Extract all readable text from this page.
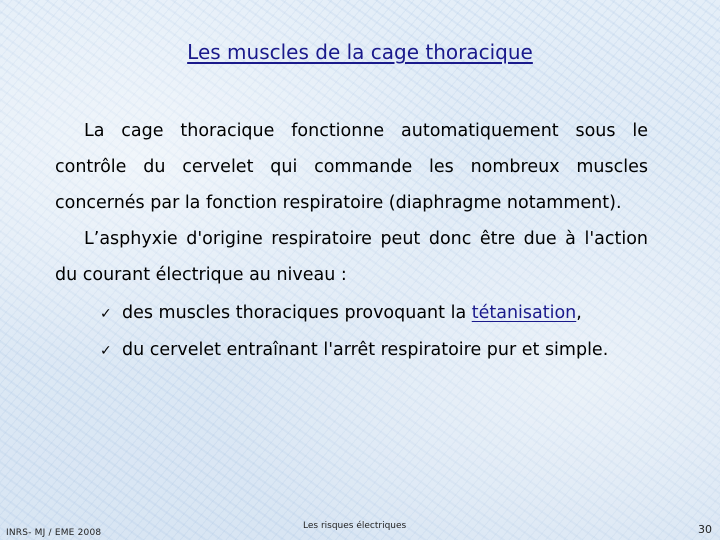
Les muscles de la cage thoracique

La cage thoracique fonctionne automatiquement sous le contrôle du cervelet qui commande les nombreux muscles concernés par la fonction respiratoire (diaphragme notamment).

L’asphyxie d'origine respiratoire peut donc être due à l'action du courant électrique au niveau :

✓ des muscles thoraciques provoquant la tétanisation,
✓ du cervelet entraînant l'arrêt respiratoire pur et simple.
INRS- MJ / EME 2008
Les risques électriques	30
